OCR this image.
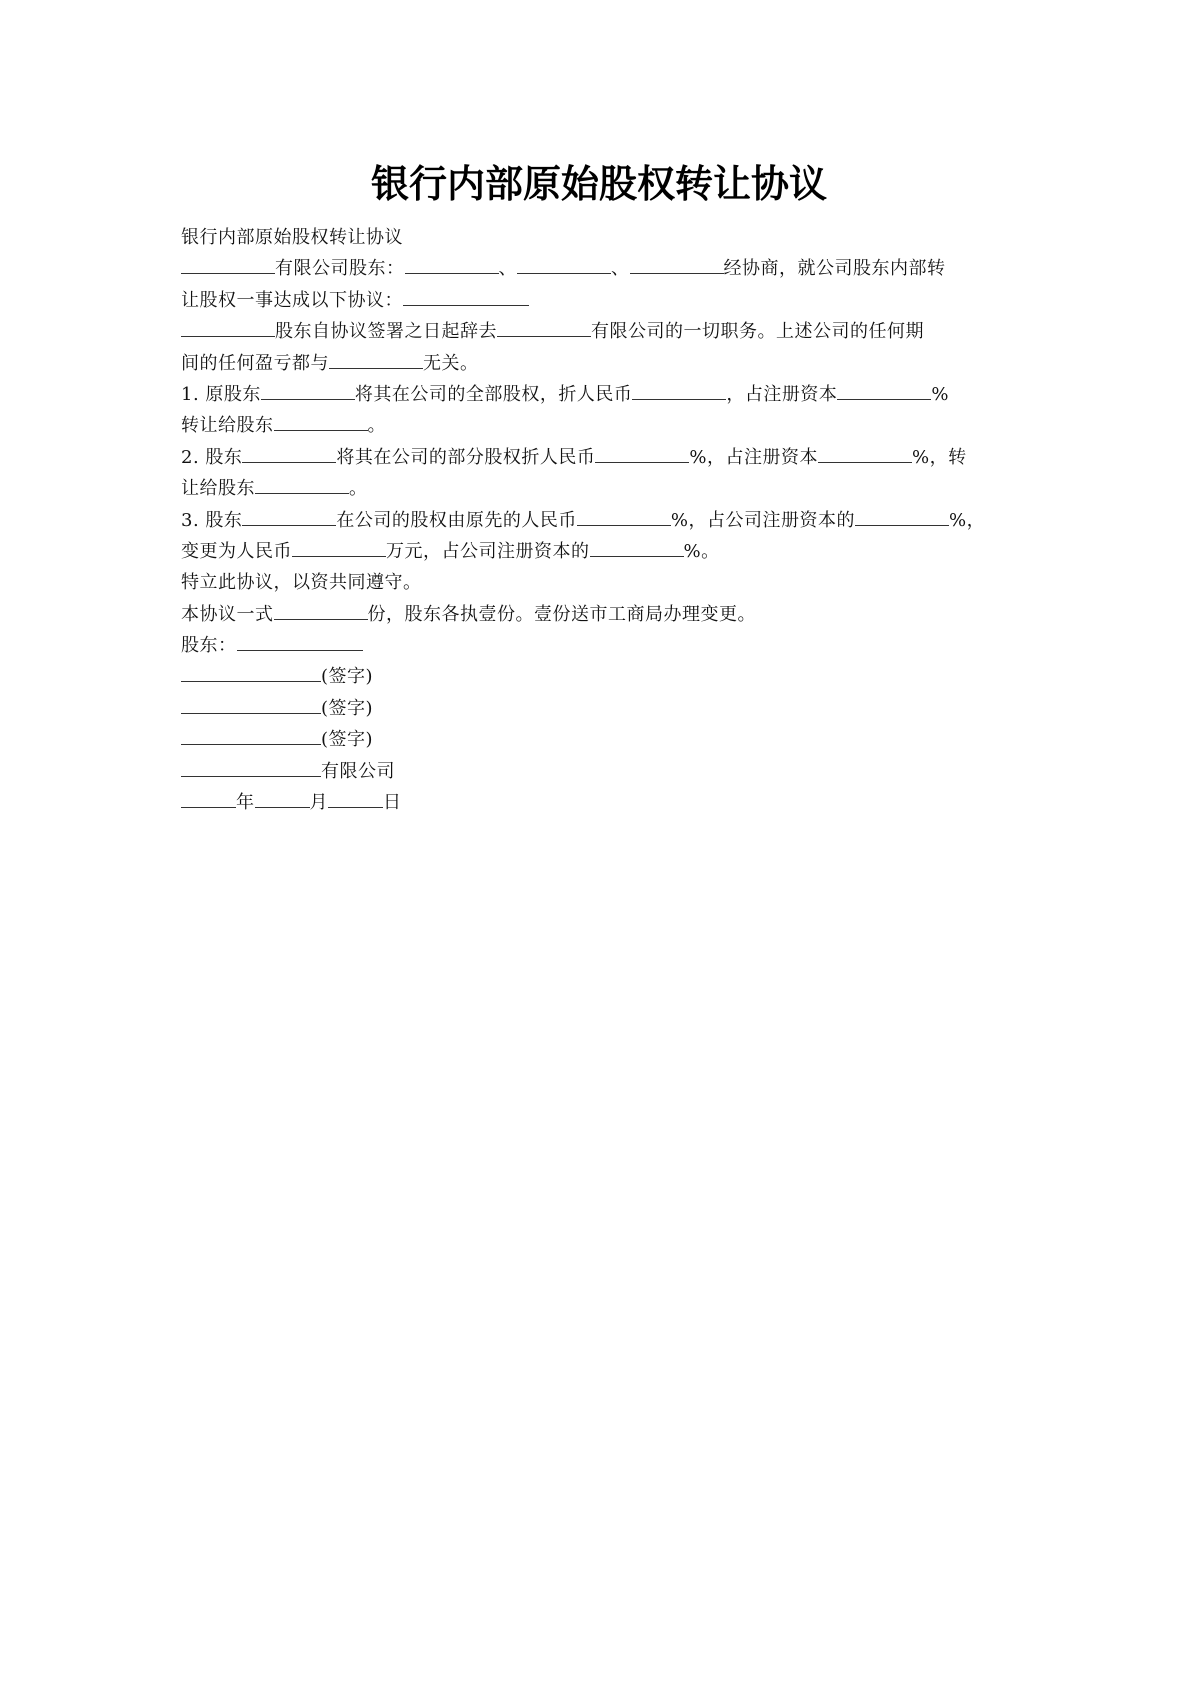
银行内部原始股权转让协议
银行内部原始股权转让协议
有限公司股东：	、	、	经协商，就公司股东内部转
让股权一事达成以下协议：
股东自协议签署之日起辞去	有限公司的一切职务。上述公司的任何期
间的任何盈亏都与	无关。
1. 原股东	将其在公司的全部股权，折人民币	，占注册资本	%
转让给股东	。
2. 股东	将其在公司的部分股权折人民币	%，占注册资本	%，转
让给股东	。
3. 股东	在公司的股权由原先的人民币	%，占公司注册资本的	%，
变更为人民币	万元，占公司注册资本的	%。
特立此协议，以资共同遵守。
本协议一式	份，股东各执壹份。壹份送市工商局办理变更。
股东：
(签字)
(签字)
(签字)
有限公司
年	月	日
